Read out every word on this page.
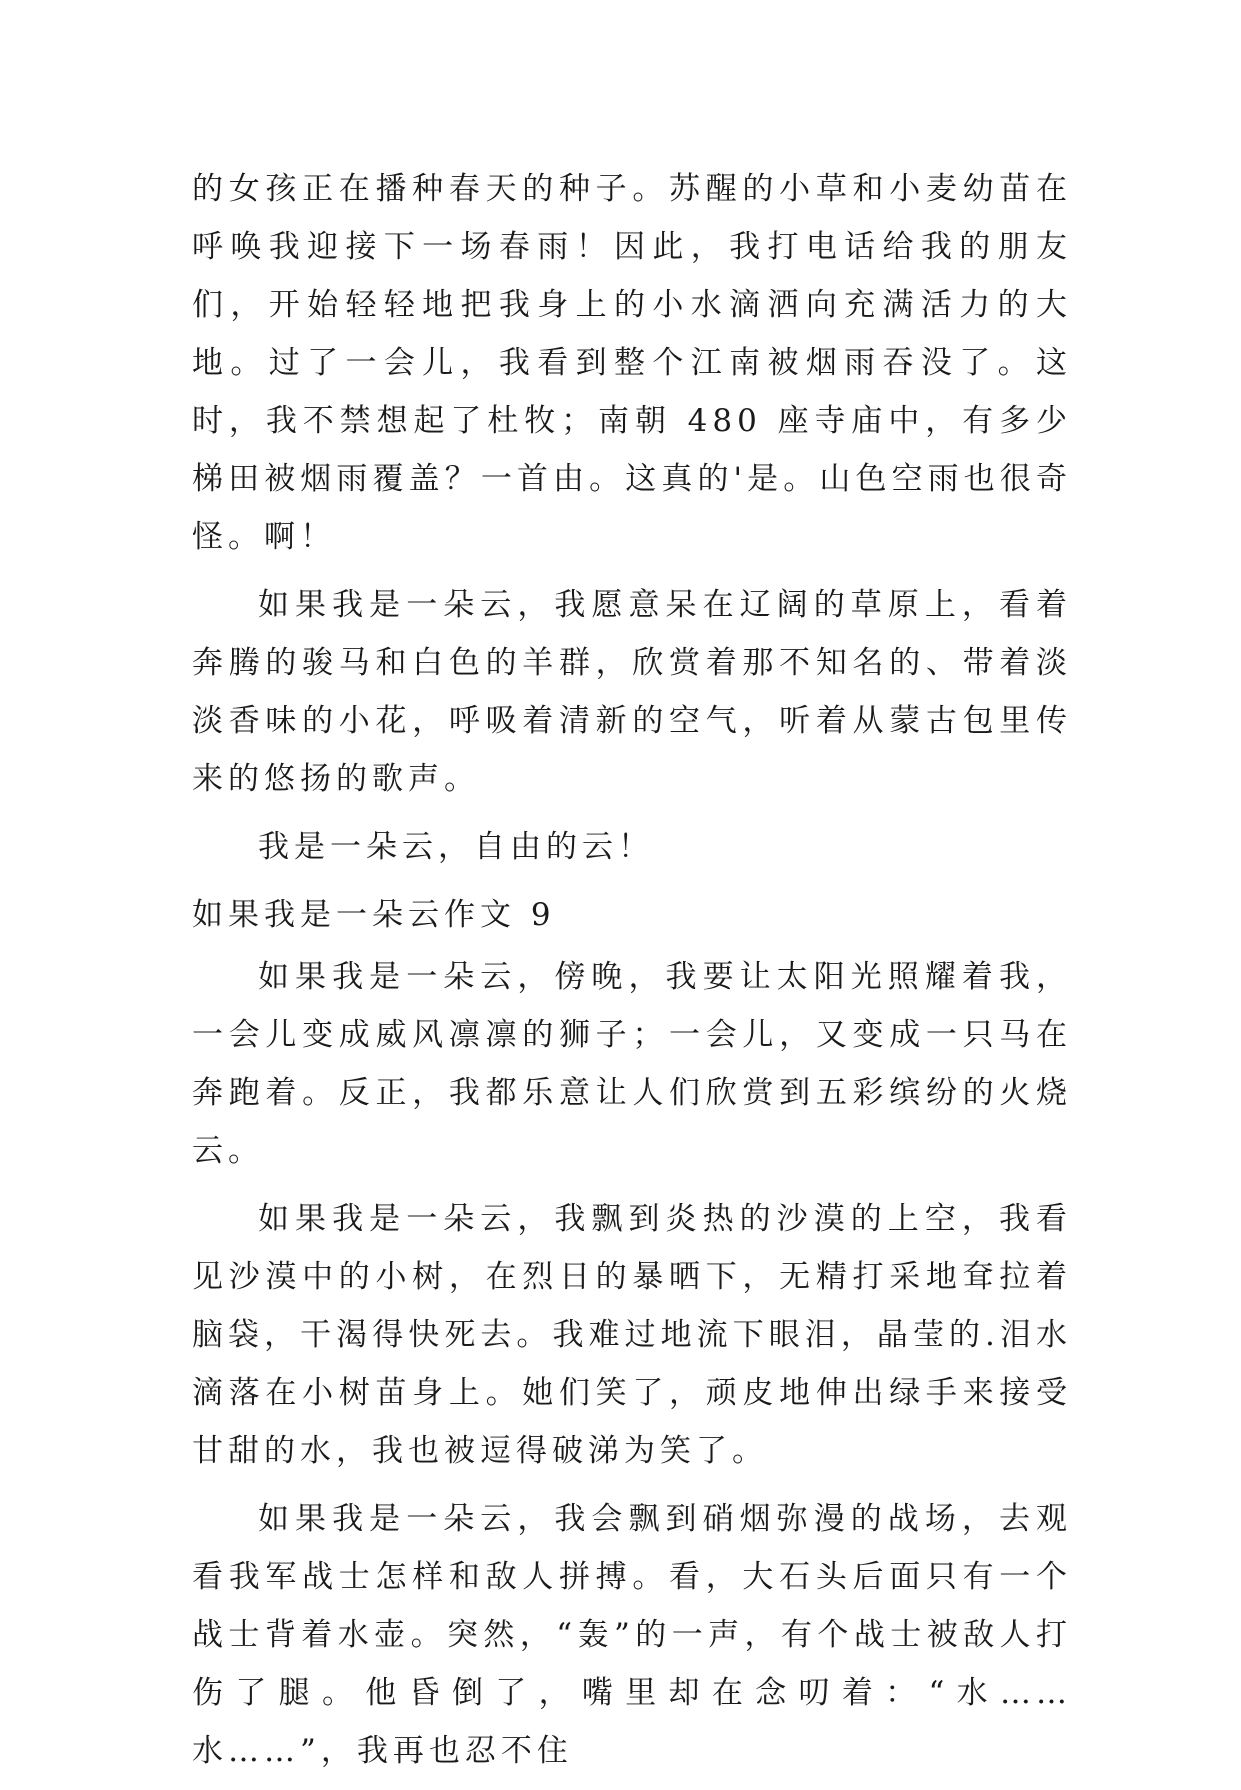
的女孩正在播种春天的种子。苏醒的小草和小麦幼苗在呼唤我迎接下一场春雨！因此，我打电话给我的朋友们，开始轻轻地把我身上的小水滴洒向充满活力的大地。过了一会儿，我看到整个江南被烟雨吞没了。这时，我不禁想起了杜牧；南朝 480 座寺庙中，有多少梯田被烟雨覆盖？一首由。这真的'是。山色空雨也很奇怪。啊！

如果我是一朵云，我愿意呆在辽阔的草原上，看着奔腾的骏马和白色的羊群，欣赏着那不知名的、带着淡淡香味的小花，呼吸着清新的空气，听着从蒙古包里传来的悠扬的歌声。

我是一朵云，自由的云！

如果我是一朵云作文 9

如果我是一朵云，傍晚，我要让太阳光照耀着我，一会儿变成威风凛凛的狮子；一会儿，又变成一只马在奔跑着。反正，我都乐意让人们欣赏到五彩缤纷的火烧云。

如果我是一朵云，我飘到炎热的沙漠的上空，我看见沙漠中的小树，在烈日的暴晒下，无精打采地耷拉着脑袋，干渴得快死去。我难过地流下眼泪，晶莹的.泪水滴落在小树苗身上。她们笑了，顽皮地伸出绿手来接受甘甜的水，我也被逗得破涕为笑了。

如果我是一朵云，我会飘到硝烟弥漫的战场，去观看我军战士怎样和敌人拼搏。看，大石头后面只有一个战士背着水壶。突然，“轰”的一声，有个战士被敌人打伤了腿。他昏倒了，嘴里却在念叨着：“水……水……”，我再也忍不住
